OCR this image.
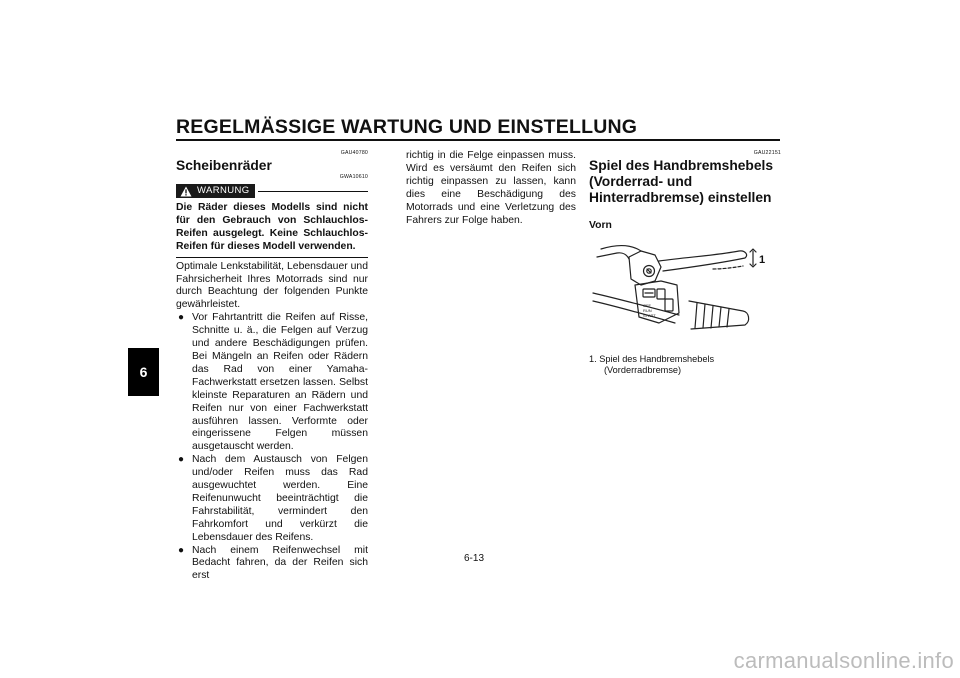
REGELMÄSSIGE WARTUNG UND EINSTELLUNG
6
GAU40780
Scheibenräder
GWA10610
WARNUNG
Die Räder dieses Modells sind nicht für den Gebrauch von Schlauchlos-Reifen ausgelegt. Keine Schlauchlos-Reifen für dieses Modell verwenden.
Optimale Lenkstabilität, Lebensdauer und Fahrsicherheit Ihres Motorrads sind nur durch Beachtung der folgenden Punkte gewährleistet.
● Vor Fahrtantritt die Reifen auf Risse, Schnitte u. ä., die Felgen auf Verzug und andere Beschädigungen prüfen. Bei Mängeln an Reifen oder Rädern das Rad von einer Yamaha-Fachwerkstatt ersetzen lassen. Selbst kleinste Reparaturen an Rädern und Reifen nur von einer Fachwerkstatt ausführen lassen. Verformte oder eingerissene Felgen müssen ausgetauscht werden.
● Nach dem Austausch von Felgen und/oder Reifen muss das Rad ausgewuchtet werden. Eine Reifenunwucht beeinträchtigt die Fahrstabilität, vermindert den Fahrkomfort und verkürzt die Lebensdauer des Reifens.
● Nach einem Reifenwechsel mit Bedacht fahren, da der Reifen sich erst
richtig in die Felge einpassen muss. Wird es versäumt den Reifen sich richtig einpassen zu lassen, kann dies eine Beschädigung des Motorrads und eine Verletzung des Fahrers zur Folge haben.
GAU22151
Spiel des Handbremshebels
(Vorderrad- und
Hinterradbremse) einstellen
Vorn
OFF
RUN
START
1
1. Spiel des Handbremshebels
(Vorderradbremse)
6-13
carmanualsonline.info
